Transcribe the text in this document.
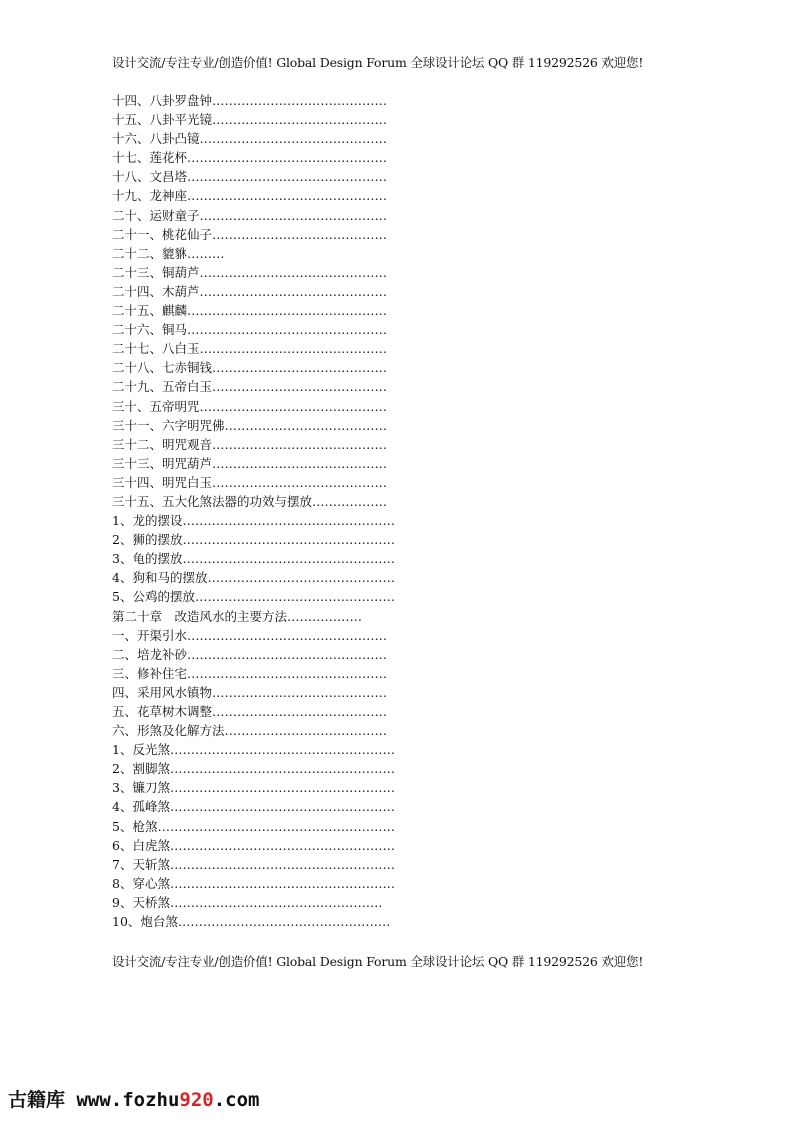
设计交流/专注专业/创造价值! Global Design Forum 全球设计论坛 QQ 群 119292526 欢迎您!
十四、八卦罗盘钟……………………………………
十五、八卦平光镜……………………………………
十六、八卦凸镜………………………………………
十七、莲花杯…………………………………………
十八、文昌塔…………………………………………
十九、龙神座…………………………………………
二十、运财童子………………………………………
二十一、桃花仙子……………………………………
二十二、貔貅………
二十三、铜葫芦………………………………………
二十四、木葫芦………………………………………
二十五、麒麟…………………………………………
二十六、铜马…………………………………………
二十七、八白玉………………………………………
二十八、七赤铜钱……………………………………
二十九、五帝白玉……………………………………
三十、五帝明咒………………………………………
三十一、六字明咒佛…………………………………
三十二、明咒观音……………………………………
三十三、明咒葫芦……………………………………
三十四、明咒白玉……………………………………
三十五、五大化煞法器的功效与摆放………………
1、龙的摆设……………………………………………
2、狮的摆放……………………………………………
3、龟的摆放……………………………………………
4、狗和马的摆放………………………………………
5、公鸡的摆放…………………………………………
第二十章　改造风水的主要方法………………
一、开渠引水…………………………………………
二、培龙补砂…………………………………………
三、修补住宅…………………………………………
四、采用风水镇物……………………………………
五、花草树木调整……………………………………
六、形煞及化解方法…………………………………
1、反光煞………………………………………………
2、割脚煞………………………………………………
3、镰刀煞………………………………………………
4、孤峰煞………………………………………………
5、枪煞…………………………………………………
6、白虎煞………………………………………………
7、天斩煞………………………………………………
8、穿心煞………………………………………………
9、天桥煞……………………………………………
10、炮台煞……………………………………………
设计交流/专注专业/创造价值! Global Design Forum 全球设计论坛 QQ 群 119292526 欢迎您!
古籍库 www.fozhu920.com
